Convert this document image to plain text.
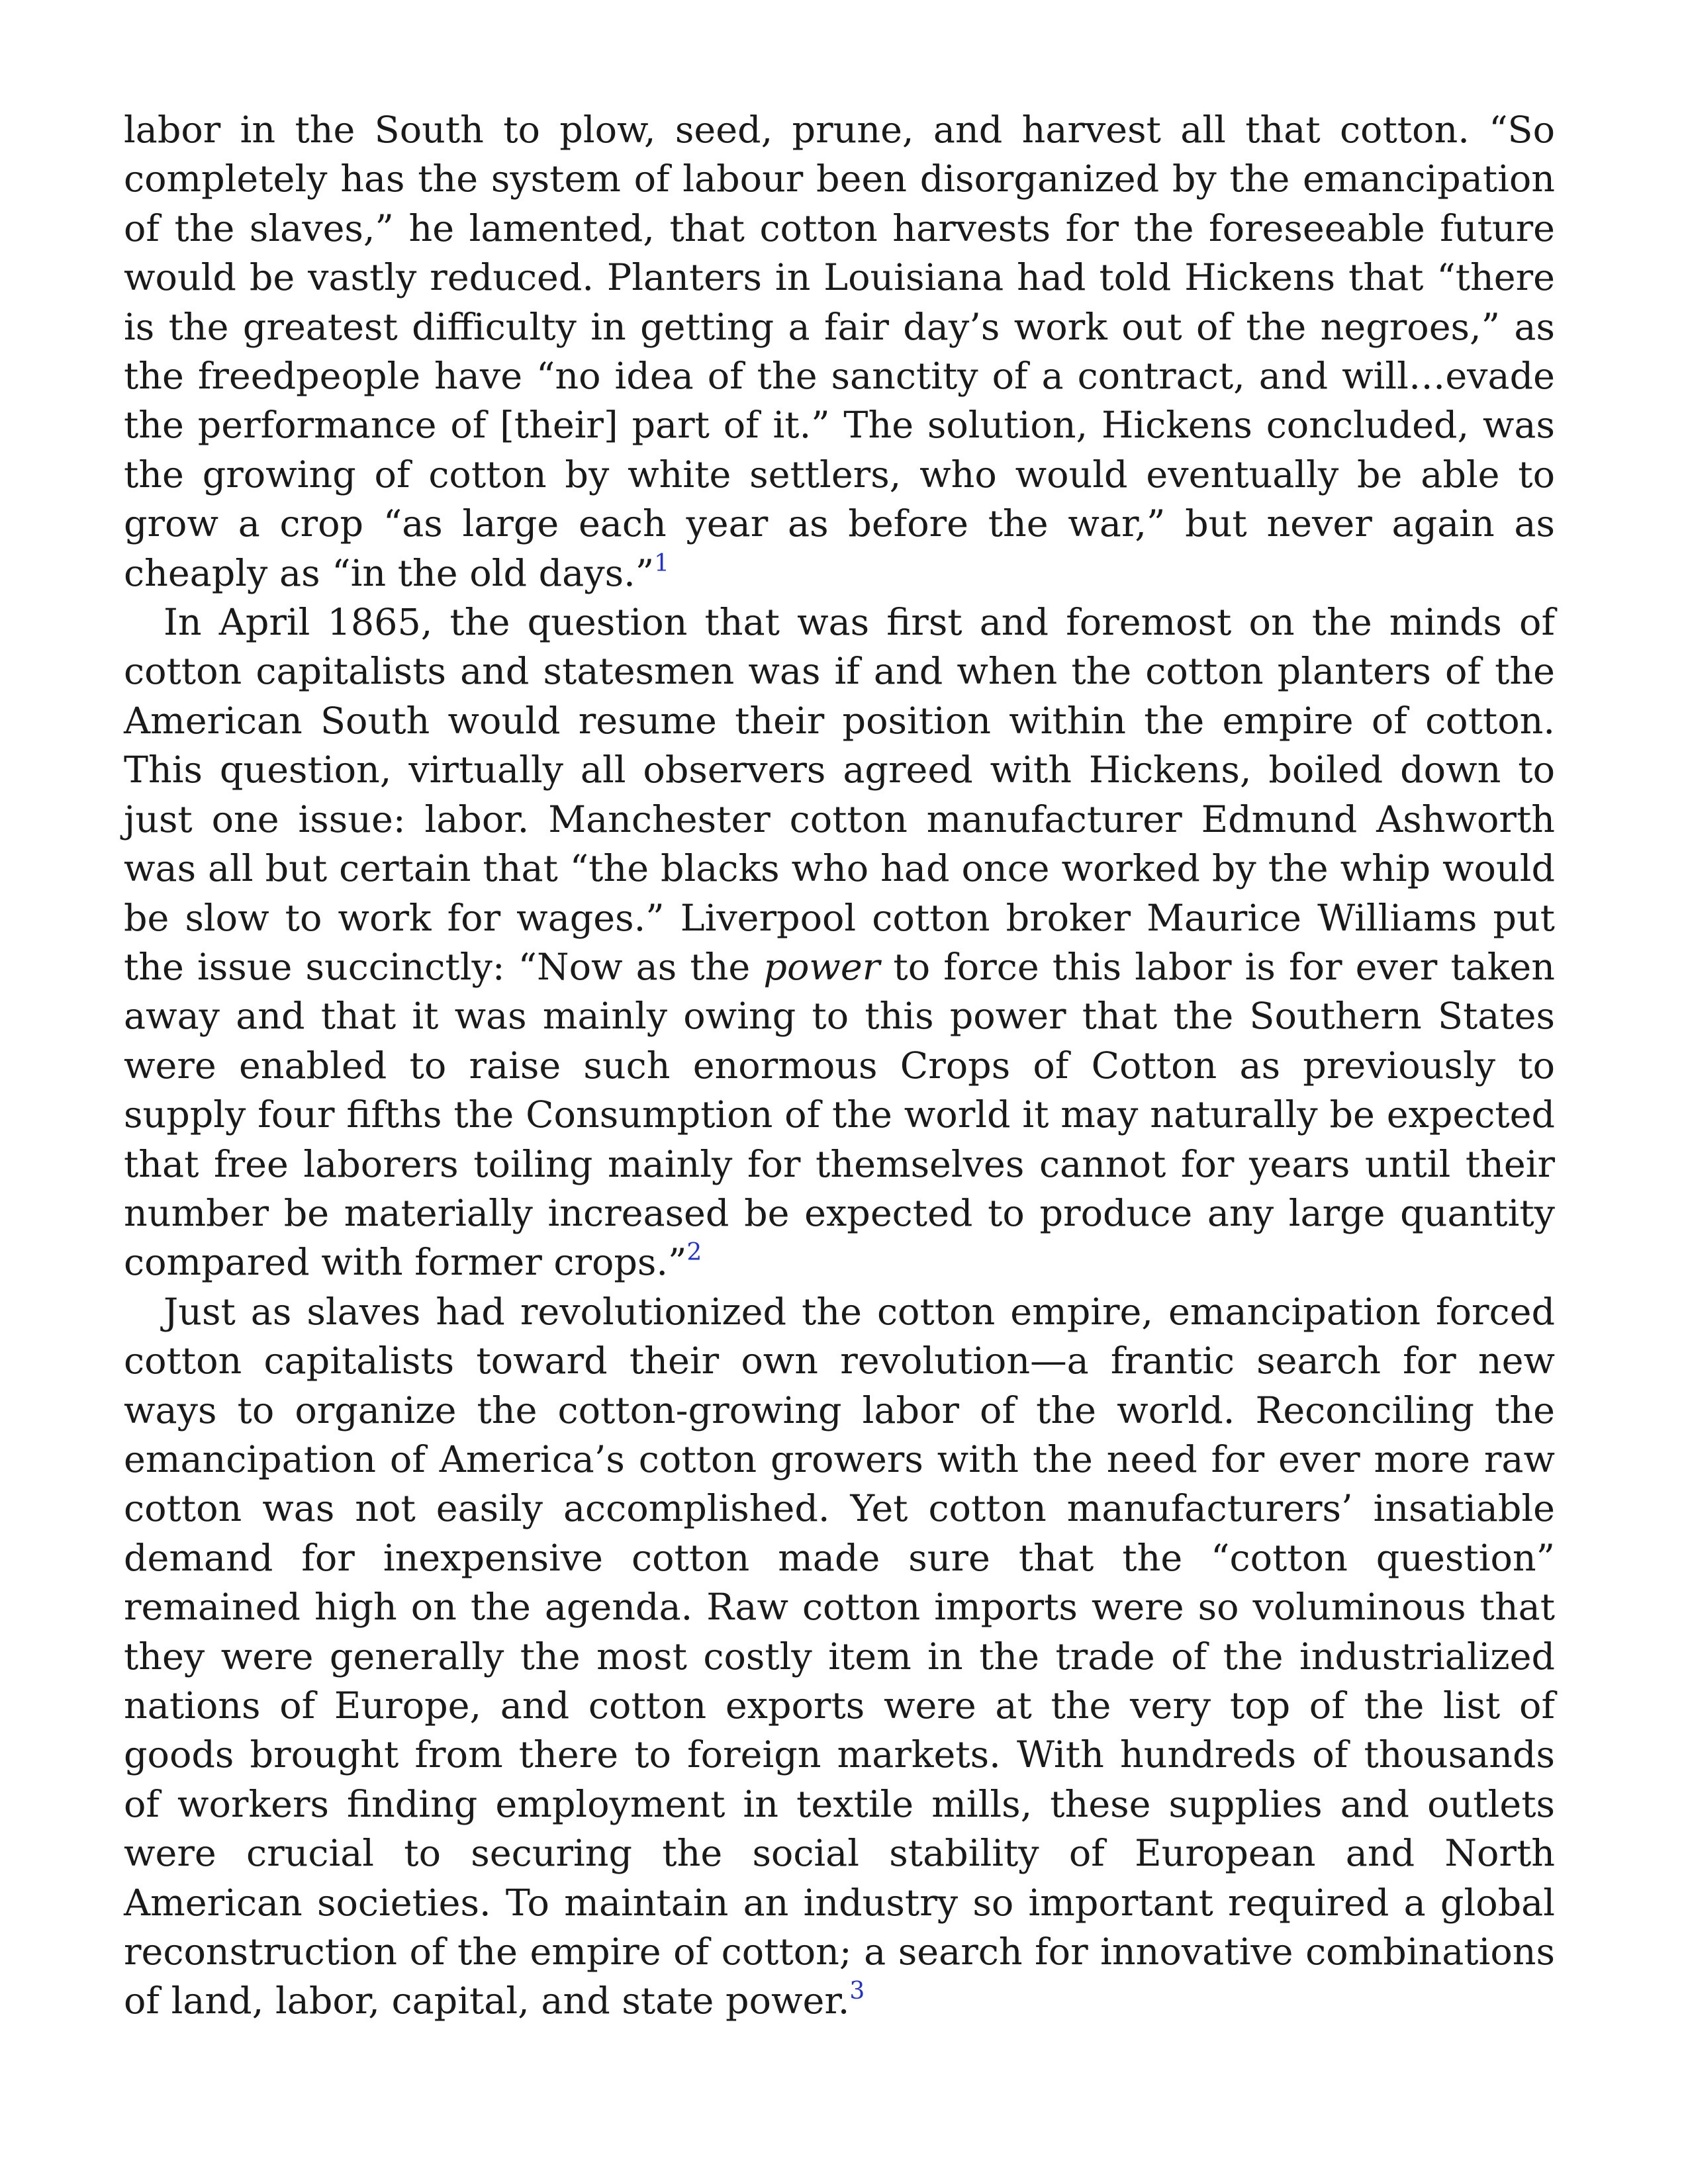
labor in the South to plow, seed, prune, and harvest all that cotton. “So completely has the system of labour been disorganized by the emancipation of the slaves,” he lamented, that cotton harvests for the foreseeable future would be vastly reduced. Planters in Louisiana had told Hickens that “there is the greatest difficulty in getting a fair day’s work out of the negroes,” as the freedpeople have “no idea of the sanctity of a contract, and will…evade the performance of [their] part of it.” The solution, Hickens concluded, was the growing of cotton by white settlers, who would eventually be able to grow a crop “as large each year as before the war,” but never again as cheaply as “in the old days.”$^1$

In April 1865, the question that was first and foremost on the minds of cotton capitalists and statesmen was if and when the cotton planters of the American South would resume their position within the empire of cotton. This question, virtually all observers agreed with Hickens, boiled down to just one issue: labor. Manchester cotton manufacturer Edmund Ashworth was all but certain that “the blacks who had once worked by the whip would be slow to work for wages.” Liverpool cotton broker Maurice Williams put the issue succinctly: “Now as the power to force this labor is for ever taken away and that it was mainly owing to this power that the Southern States were enabled to raise such enormous Crops of Cotton as previously to supply four fifths the Consumption of the world it may naturally be expected that free laborers toiling mainly for themselves cannot for years until their number be materially increased be expected to produce any large quantity compared with former crops.”$^2$

Just as slaves had revolutionized the cotton empire, emancipation forced cotton capitalists toward their own revolution—a frantic search for new ways to organize the cotton-growing labor of the world. Reconciling the emancipation of America’s cotton growers with the need for ever more raw cotton was not easily accomplished. Yet cotton manufacturers’ insatiable demand for inexpensive cotton made sure that the “cotton question” remained high on the agenda. Raw cotton imports were so voluminous that they were generally the most costly item in the trade of the industrialized nations of Europe, and cotton exports were at the very top of the list of goods brought from there to foreign markets. With hundreds of thousands of workers finding employment in textile mills, these supplies and outlets were crucial to securing the social stability of European and North American societies. To maintain an industry so important required a global reconstruction of the empire of cotton; a search for innovative combinations of land, labor, capital, and state power.$^3$
